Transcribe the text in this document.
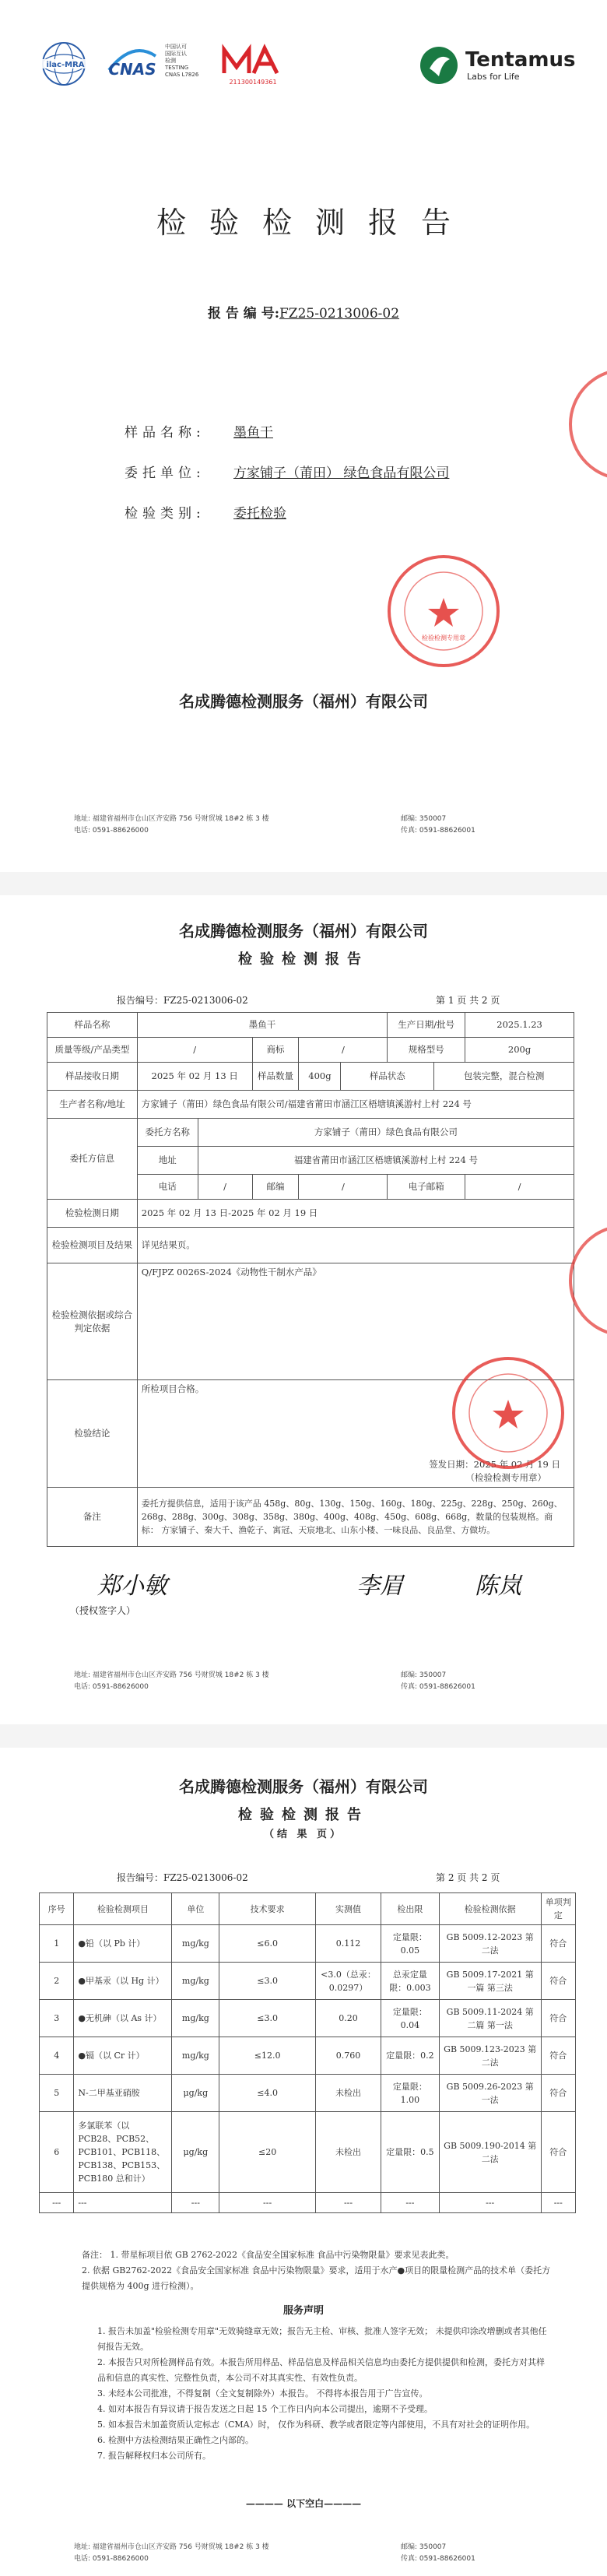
ilac-MRA CNAS
中国认可
国际互认
检测
TESTING
CNAS L7826
211300149361
Tentamus
Labs for Life
检验检测报告
报 告 编 号:FZ25-0213006-02
样品名称: 墨鱼干
委托单位: 方家铺子（莆田） 绿色食品有限公司
检验类别: 委托检验
检验检测专用章
名成腾德检测服务（福州）有限公司
地址: 福建省福州市仓山区齐安路 756 号财贸城 18#2 栋 3 楼
电话: 0591-88626000
邮编: 350007
传真: 0591-88626001
名成腾德检测服务（福州）有限公司
检验检测报告
报告编号：FZ25-0213006-02	第 1 页 共 2 页
样品名称	墨鱼干					生产日期/批号		2025.1.23
质量等级/产品类型	/		商标	/		规格型号		200g
样品接收日期	2025 年 02 月 13 日		样品数量	400g	样品状态		包装完整，混合检测	
生产者名称/地址	方家铺子（莆田）绿色食品有限公司/福建省莆田市涵江区梧塘镇溪游村上村 224 号							
委托方信息	委托方名称	方家铺子（莆田）绿色食品有限公司						
	地址	福建省莆田市涵江区梧塘镇溪游村上村 224 号						
	电话	/	邮编	/		电子邮箱		/
检验检测日期	2025 年 02 月 13 日-2025 年 02 月 19 日							
检验检测项目及结果	详见结果页。							
检验检测依据或综合判定依据	Q/FJPZ 0026S-2024《动物性干制水产品》							
检验结论	所检项目合格。
签发日期：2025 年 02 月 19 日
（检验检测专用章）							

备注	委托方提供信息，适用于该产品 458g、80g、130g、150g、160g、180g、225g、228g、250g、260g、268g、288g、300g、308g、358g、380g、400g、408g、450g、608g、668g，数量的包装规格。商标： 方家铺子、秦大千、渔乾子、寓冠、天宸地北、山东小楼、一味良品、良品堂、方做坊。							
郑小敏	李眉	陈岚
（授权签字人）
地址: 福建省福州市仓山区齐安路 756 号财贸城 18#2 栋 3 楼
电话: 0591-88626000
邮编: 350007
传真: 0591-88626001
名成腾德检测服务（福州）有限公司
检验检测报告
（结 果 页）
报告编号：FZ25-0213006-02	第 2 页 共 2 页
序号	检验检测项目	单位	技术要求	实测值	检出限	检验检测依据	单项判定
1	●铅（以 Pb 计）	mg/kg	≤6.0	0.112	定量限：0.05	GB 5009.12-2023 第二法	符合
2	●甲基汞（以 Hg 计）	mg/kg	≤3.0	<3.0（总汞：0.0297）	总汞定量限：0.003	GB 5009.17-2021 第一篇 第三法	符合
3	●无机砷（以 As 计）	mg/kg	≤3.0	0.20	定量限：0.04	GB 5009.11-2024 第二篇 第一法	符合
4	●镉（以 Cr 计）	mg/kg	≤12.0	0.760	定量限：0.2	GB 5009.123-2023 第二法	符合
5	N-二甲基亚硝胺	μg/kg	≤4.0	未检出	定量限：1.00	GB 5009.26-2023 第一法	符合
6	多氯联苯（以 PCB28、PCB52、PCB101、PCB118、PCB138、PCB153、PCB180 总和计）	μg/kg	≤20	未检出	定量限：0.5	GB 5009.190-2014 第二法	符合
---	---	---	---	---	---	---	---
备注： 1. 带星标项目依 GB 2762-2022《食品安全国家标准 食品中污染物限量》要求见表此类。
2. 依据 GB2762-2022《食品安全国家标准 食品中污染物限量》要求，适用于水产●项目的限量检测产品的技术单（委托方提供规格为 400g 进行检测）。
服务声明
1. 报告未加盖"检验检测专用章"无效骑缝章无效；报告无主检、审核、批准人签字无效； 未提供印涂改增删或者其他任何报告无效。
2. 本报告只对所检测样品有效。本报告所用样品、样品信息及样品相关信息均由委托方提供提供和检测，委托方对其样品和信息的真实性、完整性负责，本公司不对其真实性、有效性负责。
3. 未经本公司批准，不得复制（全文复制除外）本报告。 不得将本报告用于广告宣传。
4. 如对本报告有异议请于报告发送之日起 15 个工作日内向本公司提出，逾期不予受理。
5. 如本报告未加盖资质认定标志（CMA）时， 仅作为科研、教学或者限定等内部使用，不具有对社会的证明作用。
6. 检测中方法检测结果正确性之内部的。
7. 报告解释权归本公司所有。
———— 以下空白————
地址: 福建省福州市仓山区齐安路 756 号财贸城 18#2 栋 3 楼
电话: 0591-88626000
邮编: 350007
传真: 0591-88626001
